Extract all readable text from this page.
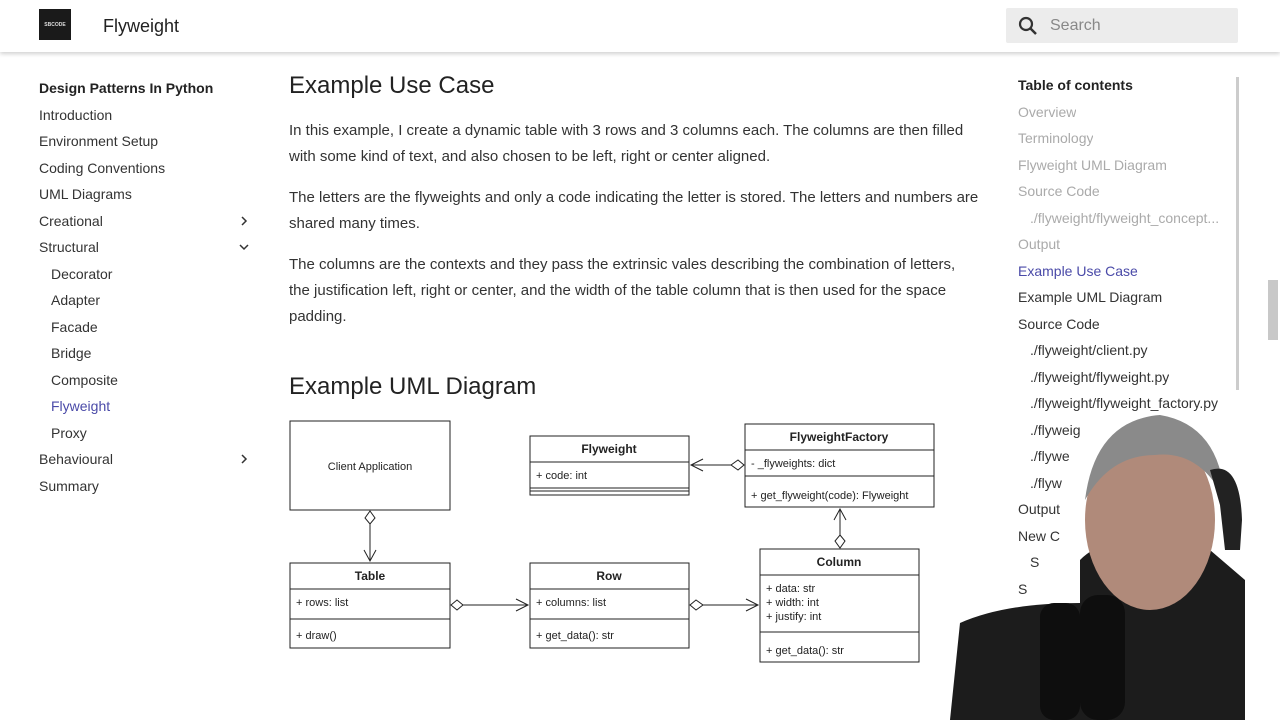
SBCODE Flyweight	Search
Design Patterns In Python
Introduction
Environment Setup
Coding Conventions
UML Diagrams
Creational
Structural
Decorator
Adapter
Facade
Bridge
Composite
Flyweight
Proxy
Behavioural
Summary
Example Use Case

In this example, I create a dynamic table with 3 rows and 3 columns each. The columns are then filled with some kind of text, and also chosen to be left, right or center aligned.

The letters are the flyweights and only a code indicating the letter is stored. The letters and numbers are shared many times.

The columns are the contexts and they pass the extrinsic vales describing the combination of letters, the justification left, right or center, and the width of the table column that is then used for the space padding.

Example UML Diagram
Client Application
Flyweight
+ code: int
FlyweightFactory
- _flyweights: dict
+ get_flyweight(code): Flyweight
Table
+ rows: list
+ draw()
Row
+ columns: list
+ get_data(): str
Column
+ data: str
+ width: int
+ justify: int
+ get_data(): str
Table of contents
Overview
Terminology
Flyweight UML Diagram
Source Code
./flyweight/flyweight_concept...
Output
Example Use Case
Example UML Diagram
Source Code
./flyweight/client.py
./flyweight/flyweight.py
./flyweight/flyweight_factory.py
./flyweig
./flywe
./flyw
Output
New C
S
S
